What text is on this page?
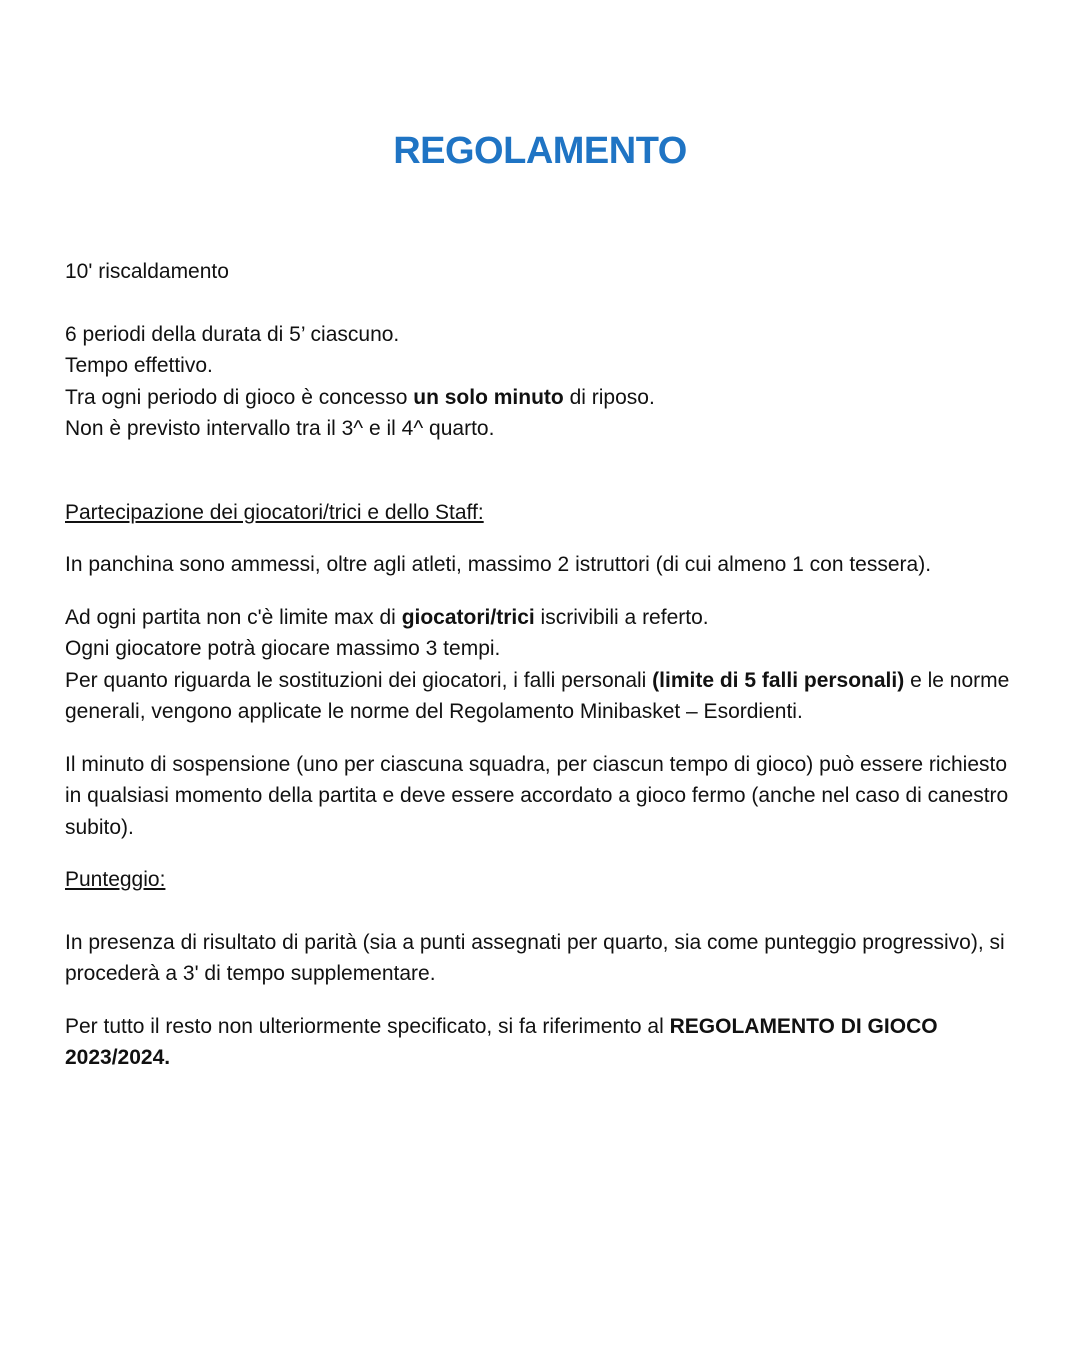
REGOLAMENTO

10' riscaldamento

6 periodi della durata di 5’ ciascuno.
Tempo effettivo.
Tra ogni periodo di gioco è concesso un solo minuto di riposo.
Non è previsto intervallo tra il 3^ e il 4^ quarto.

Partecipazione dei giocatori/trici e dello Staff:

In panchina sono ammessi, oltre agli atleti, massimo 2 istruttori (di cui almeno 1 con tessera).

Ad ogni partita non c'è limite max di giocatori/trici iscrivibili a referto.
Ogni giocatore potrà giocare massimo 3 tempi.
Per quanto riguarda le sostituzioni dei giocatori, i falli personali (limite di 5 falli personali) e le norme generali, vengono applicate le norme del Regolamento Minibasket – Esordienti.

Il minuto di sospensione (uno per ciascuna squadra, per ciascun tempo di gioco) può essere richiesto in qualsiasi momento della partita e deve essere accordato a gioco fermo (anche nel caso di canestro subito).

Punteggio:

In presenza di risultato di parità (sia a punti assegnati per quarto, sia come punteggio progressivo), si procederà a 3' di tempo supplementare.

Per tutto il resto non ulteriormente specificato, si fa riferimento al REGOLAMENTO DI GIOCO 2023/2024.
